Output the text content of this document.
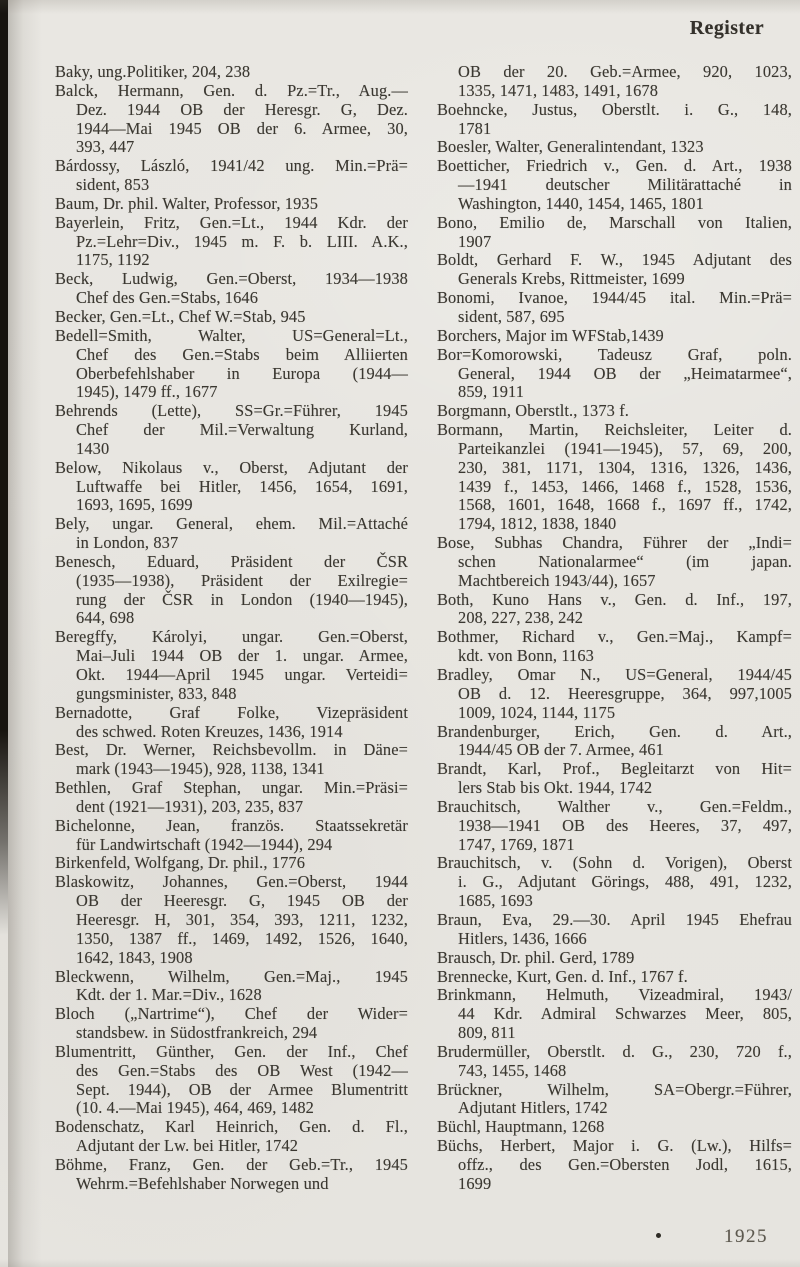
Register

Baky, ung.Politiker, 204, 238

Balck, Hermann, Gen. d. Pz.=Tr., Aug.—
Dez. 1944 OB der Heresgr. G, Dez.
1944—Mai 1945 OB der 6. Armee, 30,
393, 447

Bárdossy, László, 1941/42 ung. Min.=Prä=
sident, 853

Baum, Dr. phil. Walter, Professor, 1935

Bayerlein, Fritz, Gen.=Lt., 1944 Kdr. der
Pz.=Lehr=Div., 1945 m. F. b. LIII. A.K.,
1175, 1192

Beck, Ludwig, Gen.=Oberst, 1934—1938
Chef des Gen.=Stabs, 1646

Becker, Gen.=Lt., Chef W.=Stab, 945

Bedell=Smith, Walter, US=General=Lt.,
Chef des Gen.=Stabs beim Alliierten
Oberbefehlshaber in Europa (1944—
1945), 1479 ff., 1677

Behrends (Lette), SS=Gr.=Führer, 1945
Chef der Mil.=Verwaltung Kurland,
1430

Below, Nikolaus v., Oberst, Adjutant der
Luftwaffe bei Hitler, 1456, 1654, 1691,
1693, 1695, 1699

Bely, ungar. General, ehem. Mil.=Attaché
in London, 837

Benesch, Eduard, Präsident der ČSR
(1935—1938), Präsident der Exilregie=
rung der ČSR in London (1940—1945),
644, 698

Beregffy, Károlyi, ungar. Gen.=Oberst,
Mai–Juli 1944 OB der 1. ungar. Armee,
Okt. 1944—April 1945 ungar. Verteidi=
gungsminister, 833, 848

Bernadotte, Graf Folke, Vizepräsident
des schwed. Roten Kreuzes, 1436, 1914

Best, Dr. Werner, Reichsbevollm. in Däne=
mark (1943—1945), 928, 1138, 1341

Bethlen, Graf Stephan, ungar. Min.=Präsi=
dent (1921—1931), 203, 235, 837

Bichelonne, Jean, französ. Staatssekretär
für Landwirtschaft (1942—1944), 294

Birkenfeld, Wolfgang, Dr. phil., 1776

Blaskowitz, Johannes, Gen.=Oberst, 1944
OB der Heeresgr. G, 1945 OB der
Heeresgr. H, 301, 354, 393, 1211, 1232,
1350, 1387 ff., 1469, 1492, 1526, 1640,
1642, 1843, 1908

Bleckwenn, Wilhelm, Gen.=Maj., 1945
Kdt. der 1. Mar.=Div., 1628

Bloch („Nartrime“), Chef der Wider=
standsbew. in Südostfrankreich, 294

Blumentritt, Günther, Gen. der Inf., Chef
des Gen.=Stabs des OB West (1942—
Sept. 1944), OB der Armee Blumentritt
(10. 4.—Mai 1945), 464, 469, 1482

Bodenschatz, Karl Heinrich, Gen. d. Fl.,
Adjutant der Lw. bei Hitler, 1742

Böhme, Franz, Gen. der Geb.=Tr., 1945
Wehrm.=Befehlshaber Norwegen und

OB der 20. Geb.=Armee, 920, 1023,
1335, 1471, 1483, 1491, 1678

Boehncke, Justus, Oberstlt. i. G., 148,
1781

Boesler, Walter, Generalintendant, 1323

Boetticher, Friedrich v., Gen. d. Art., 1938
—1941 deutscher Militärattaché in
Washington, 1440, 1454, 1465, 1801

Bono, Emilio de, Marschall von Italien,
1907

Boldt, Gerhard F. W., 1945 Adjutant des
Generals Krebs, Rittmeister, 1699

Bonomi, Ivanoe, 1944/45 ital. Min.=Prä=
sident, 587, 695

Borchers, Major im WFStab,1439

Bor=Komorowski, Tadeusz Graf, poln.
General, 1944 OB der „Heimatarmee“,
859, 1911

Borgmann, Oberstlt., 1373 f.

Bormann, Martin, Reichsleiter, Leiter d.
Parteikanzlei (1941—1945), 57, 69, 200,
230, 381, 1171, 1304, 1316, 1326, 1436,
1439 f., 1453, 1466, 1468 f., 1528, 1536,
1568, 1601, 1648, 1668 f., 1697 ff., 1742,
1794, 1812, 1838, 1840

Bose, Subhas Chandra, Führer der „Indi=
schen Nationalarmee“ (im japan.
Machtbereich 1943/44), 1657

Both, Kuno Hans v., Gen. d. Inf., 197,
208, 227, 238, 242

Bothmer, Richard v., Gen.=Maj., Kampf=
kdt. von Bonn, 1163

Bradley, Omar N., US=General, 1944/45
OB d. 12. Heeresgruppe, 364, 997,1005
1009, 1024, 1144, 1175

Brandenburger, Erich, Gen. d. Art.,
1944/45 OB der 7. Armee, 461

Brandt, Karl, Prof., Begleitarzt von Hit=
lers Stab bis Okt. 1944, 1742

Brauchitsch, Walther v., Gen.=Feldm.,
1938—1941 OB des Heeres, 37, 497,
1747, 1769, 1871

Brauchitsch, v. (Sohn d. Vorigen), Oberst
i. G., Adjutant Görings, 488, 491, 1232,
1685, 1693

Braun, Eva, 29.—30. April 1945 Ehefrau
Hitlers, 1436, 1666

Brausch, Dr. phil. Gerd, 1789

Brennecke, Kurt, Gen. d. Inf., 1767 f.

Brinkmann, Helmuth, Vizeadmiral, 1943/
44 Kdr. Admiral Schwarzes Meer, 805,
809, 811

Brudermüller, Oberstlt. d. G., 230, 720 f.,
743, 1455, 1468

Brückner, Wilhelm, SA=Obergr.=Führer,
Adjutant Hitlers, 1742

Büchl, Hauptmann, 1268

Büchs, Herbert, Major i. G. (Lw.), Hilfs=
offz., des Gen.=Obersten Jodl, 1615,
1699

1925
